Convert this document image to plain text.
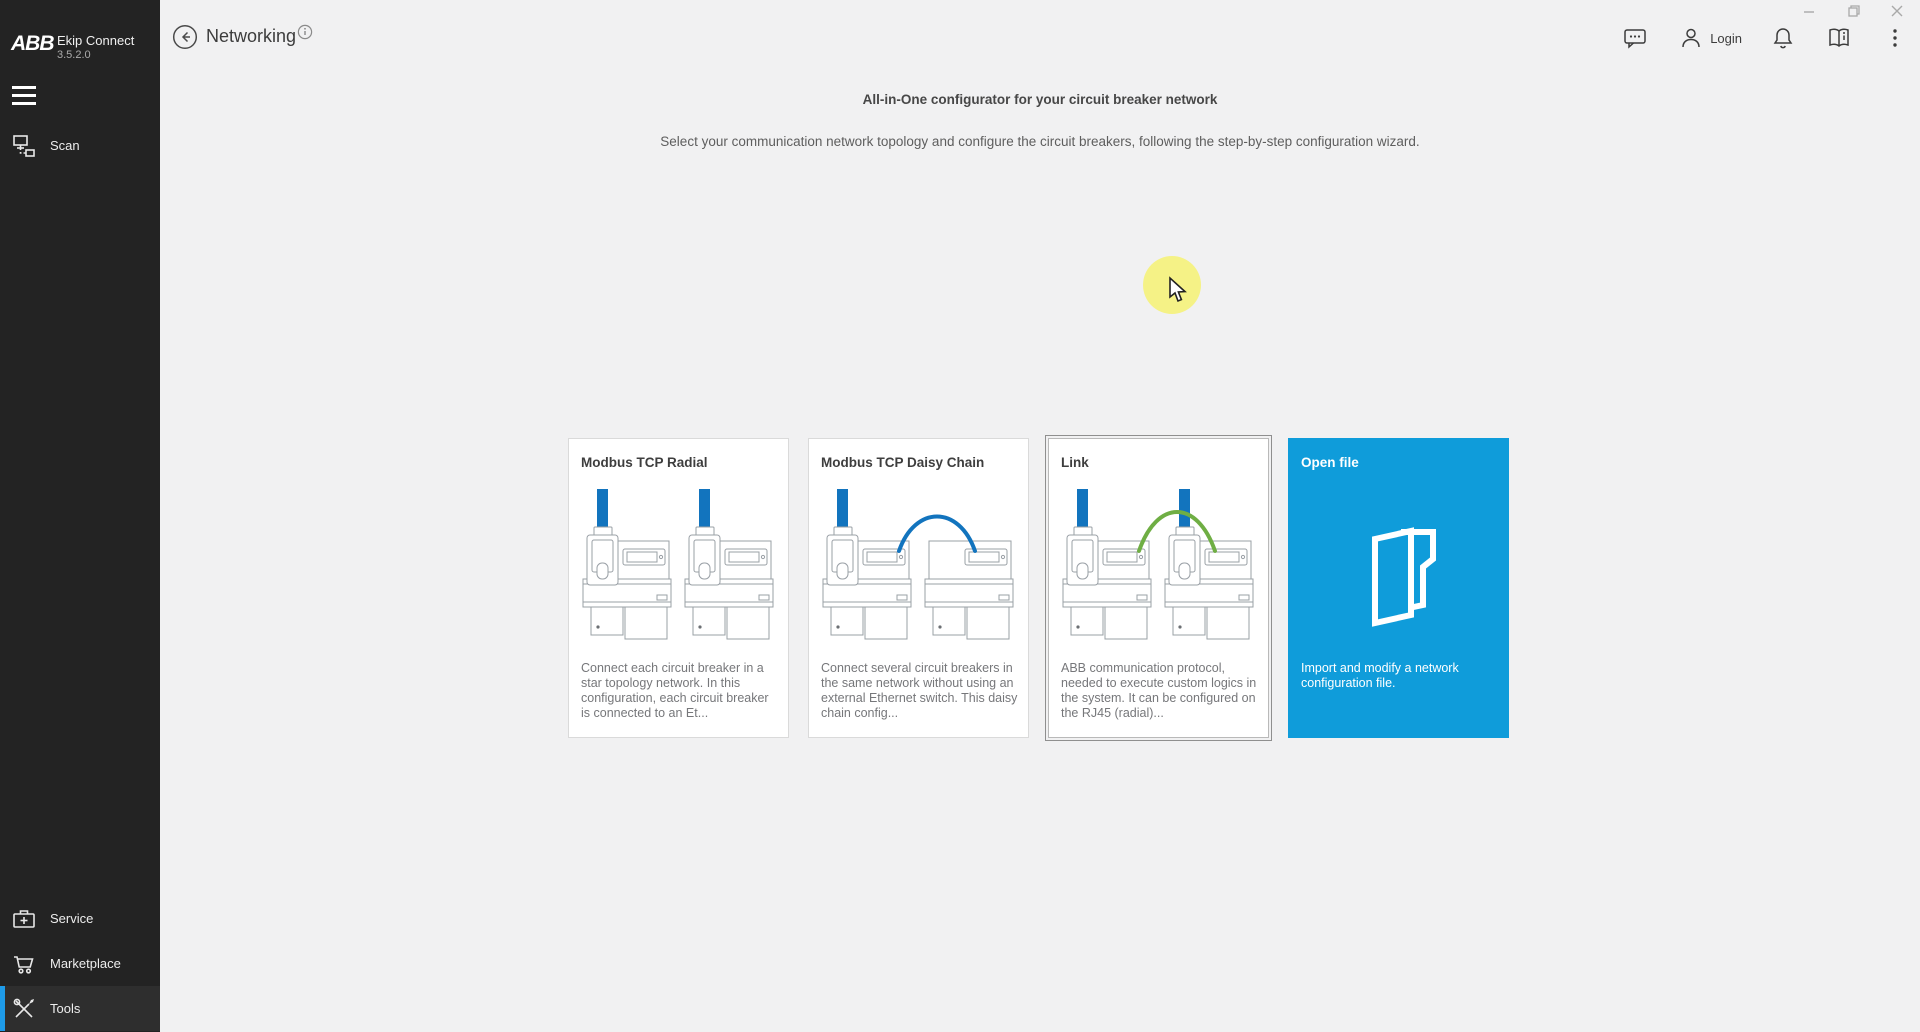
ABB Ekip Connect
3.5.2.0
Scan
Service
Marketplace
Tools
Networking	Login
All-in-One configurator for your circuit breaker network
Select your communication network topology and configure the circuit breakers, following the step-by-step configuration wizard.
Modbus TCP Radial
Connect each circuit breaker in a star topology network. In this configuration, each circuit breaker is connected to an Et...
Modbus TCP Daisy Chain
Connect several circuit breakers in the same network without using an external Ethernet switch. This daisy chain config...
Link
ABB communication protocol, needed to execute custom logics in the system. It can be configured on the RJ45 (radial)...
Open file
Import and modify a network configuration file.
